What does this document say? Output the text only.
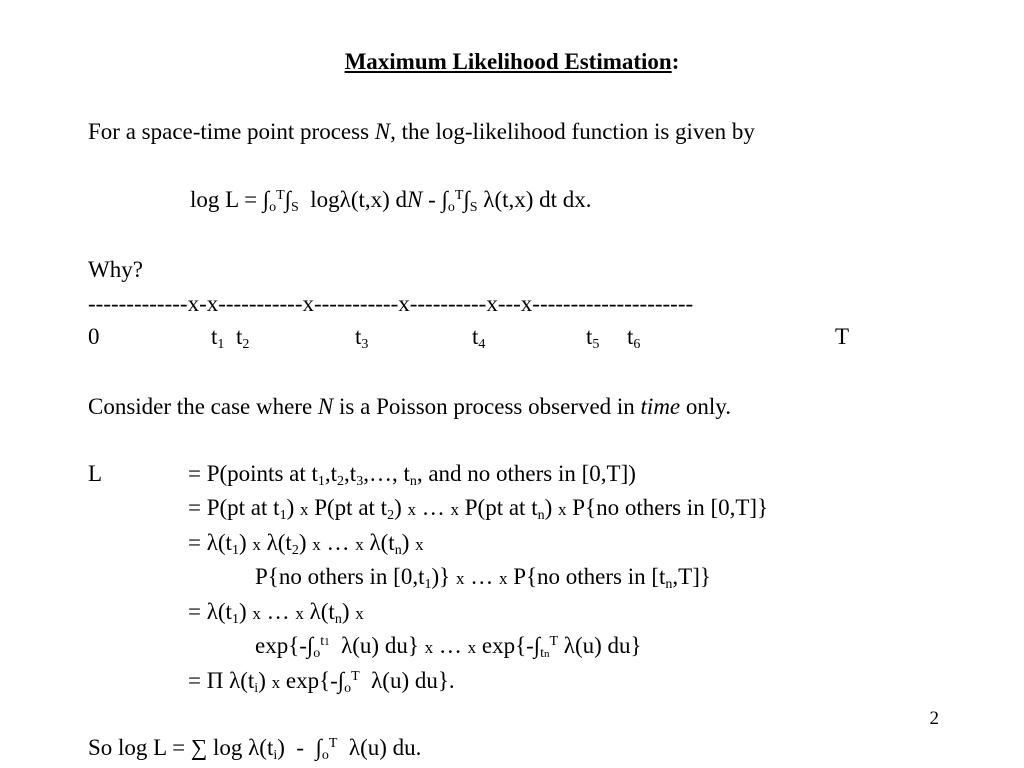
Maximum Likelihood Estimation:
For a space-time point process N, the log-likelihood function is given by
$\log L = \int_o^T\int_S$ logλ(t,x) dN - $\int_o^T\int_S$ λ(t,x) dt dx.
Why?
-------------x-x-----------x-----------x----------x---x---------------------
0	$t_1$ $t_2$	$t_3$	$t_4$	$t_5$ $t_6$	T
Consider the case where N is a Poisson process observed in time only.
L	= P(points at $t_1,t_2,t_3,\dots$, $t_n$, and no others in [0,T])
= P(pt at $t_1$) x P(pt at $t_2$) x … x P(pt at $t_n$) x P{no others in [0,T]}
= $\lambda(t_1)$ x $\lambda(t_2)$ x … x $\lambda(t_n)$ x
P{no others in $[0,t_1)$} x … x P{no others in $[t_n,T]$}
= $\lambda(t_1)$ x … x $\lambda(t_n)$ x
$\exp\{-\int_o^{t1}$  λ(u) du} x … x $\exp\{-\int_{tn}^T$ λ(u) du}
= Π $\lambda(t_i)$ x $\exp\{-\int_o^T$  λ(u) du}.
2
So log L = ∑ $\log \lambda(t_i) - \int_o^T$  λ(u) du.
